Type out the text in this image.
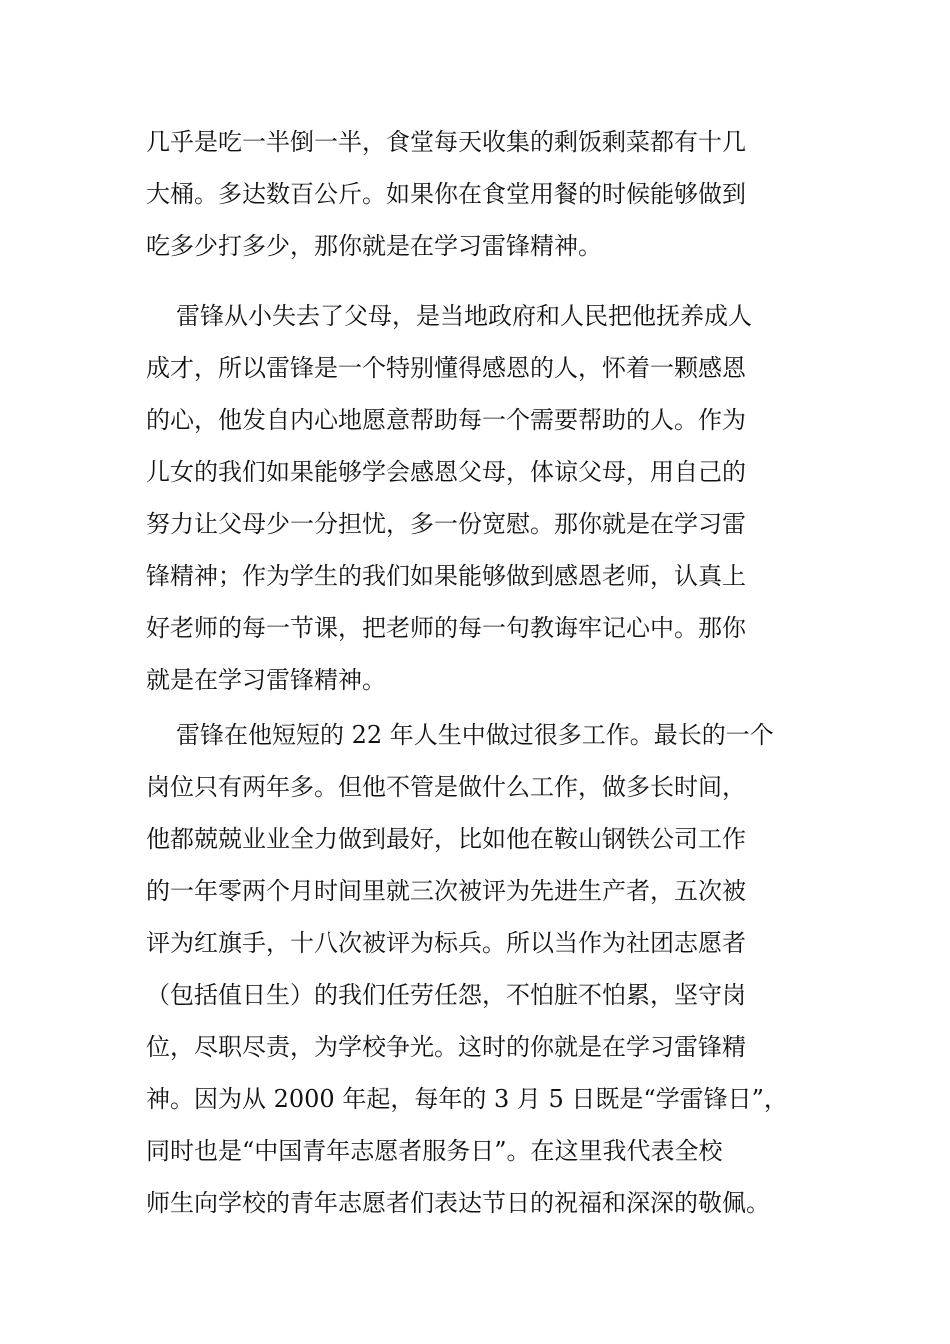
几乎是吃一半倒一半，食堂每天收集的剩饭剩菜都有十几
大桶。多达数百公斤。如果你在食堂用餐的时候能够做到
吃多少打多少，那你就是在学习雷锋精神。
雷锋从小失去了父母，是当地政府和人民把他抚养成人
成才，所以雷锋是一个特别懂得感恩的人，怀着一颗感恩
的心，他发自内心地愿意帮助每一个需要帮助的人。作为
儿女的我们如果能够学会感恩父母，体谅父母，用自己的
努力让父母少一分担忧，多一份宽慰。那你就是在学习雷
锋精神；作为学生的我们如果能够做到感恩老师，认真上
好老师的每一节课，把老师的每一句教诲牢记心中。那你
就是在学习雷锋精神。
雷锋在他短短的 22 年人生中做过很多工作。最长的一个
岗位只有两年多。但他不管是做什么工作，做多长时间，
他都兢兢业业全力做到最好，比如他在鞍山钢铁公司工作
的一年零两个月时间里就三次被评为先进生产者，五次被
评为红旗手，十八次被评为标兵。所以当作为社团志愿者
（包括值日生）的我们任劳任怨，不怕脏不怕累，坚守岗
位，尽职尽责，为学校争光。这时的你就是在学习雷锋精
神。因为从 2000 年起，每年的 3 月 5 日既是“学雷锋日”，
同时也是“中国青年志愿者服务日”。在这里我代表全校
师生向学校的青年志愿者们表达节日的祝福和深深的敬佩。
